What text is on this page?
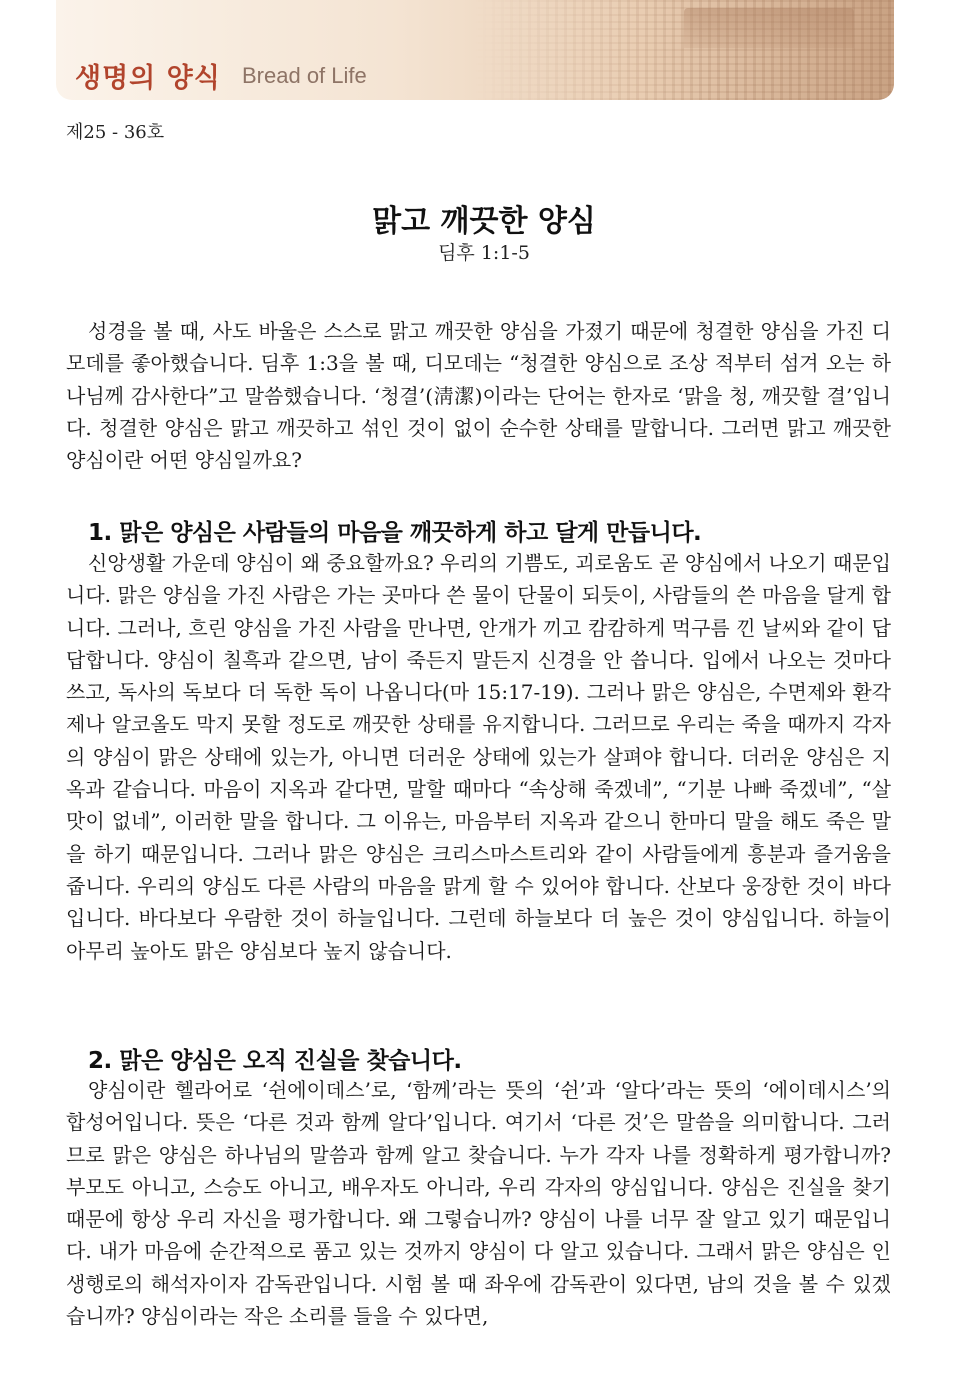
생명의 양식 Bread of Life
제25 - 36호
맑고 깨끗한 양심
딤후 1:1-5

성경을 볼 때, 사도 바울은 스스로 맑고 깨끗한 양심을 가졌기 때문에 청결한 양심을 가진 디모데를 좋아했습니다. 딤후 1:3을 볼 때, 디모데는 “청결한 양심으로 조상 적부터 섬겨 오는 하나님께 감사한다”고 말씀했습니다. ‘청결’(淸潔)이라는 단어는 한자로 ‘맑을 청, 깨끗할 결’입니다. 청결한 양심은 맑고 깨끗하고 섞인 것이 없이 순수한 상태를 말합니다. 그러면 맑고 깨끗한 양심이란 어떤 양심일까요?

1. 맑은 양심은 사람들의 마음을 깨끗하게 하고 달게 만듭니다.

신앙생활 가운데 양심이 왜 중요할까요? 우리의 기쁨도, 괴로움도 곧 양심에서 나오기 때문입니다. 맑은 양심을 가진 사람은 가는 곳마다 쓴 물이 단물이 되듯이, 사람들의 쓴 마음을 달게 합니다. 그러나, 흐린 양심을 가진 사람을 만나면, 안개가 끼고 캄캄하게 먹구름 낀 날씨와 같이 답답합니다. 양심이 칠흑과 같으면, 남이 죽든지 말든지 신경을 안 씁니다. 입에서 나오는 것마다 쓰고, 독사의 독보다 더 독한 독이 나옵니다(마 15:17-19). 그러나 맑은 양심은, 수면제와 환각제나 알코올도 막지 못할 정도로 깨끗한 상태를 유지합니다. 그러므로 우리는 죽을 때까지 각자의 양심이 맑은 상태에 있는가, 아니면 더러운 상태에 있는가 살펴야 합니다. 더러운 양심은 지옥과 같습니다. 마음이 지옥과 같다면, 말할 때마다 “속상해 죽겠네”, “기분 나빠 죽겠네”, “살 맛이 없네”, 이러한 말을 합니다. 그 이유는, 마음부터 지옥과 같으니 한마디 말을 해도 죽은 말을 하기 때문입니다. 그러나 맑은 양심은 크리스마스트리와 같이 사람들에게 흥분과 즐거움을 줍니다. 우리의 양심도 다른 사람의 마음을 맑게 할 수 있어야 합니다. 산보다 웅장한 것이 바다입니다. 바다보다 우람한 것이 하늘입니다. 그런데 하늘보다 더 높은 것이 양심입니다. 하늘이 아무리 높아도 맑은 양심보다 높지 않습니다.

2. 맑은 양심은 오직 진실을 찾습니다.

양심이란 헬라어로 ‘쉰에이데스’로, ‘함께’라는 뜻의 ‘쉰’과 ‘알다’라는 뜻의 ‘에이데시스’의 합성어입니다. 뜻은 ‘다른 것과 함께 알다’입니다. 여기서 ‘다른 것’은 말씀을 의미합니다. 그러므로 맑은 양심은 하나님의 말씀과 함께 알고 찾습니다. 누가 각자 나를 정확하게 평가합니까? 부모도 아니고, 스승도 아니고, 배우자도 아니라, 우리 각자의 양심입니다. 양심은 진실을 찾기 때문에 항상 우리 자신을 평가합니다. 왜 그렇습니까? 양심이 나를 너무 잘 알고 있기 때문입니다. 내가 마음에 순간적으로 품고 있는 것까지 양심이 다 알고 있습니다. 그래서 맑은 양심은 인생행로의 해석자이자 감독관입니다. 시험 볼 때 좌우에 감독관이 있다면, 남의 것을 볼 수 있겠습니까? 양심이라는 작은 소리를 들을 수 있다면,
